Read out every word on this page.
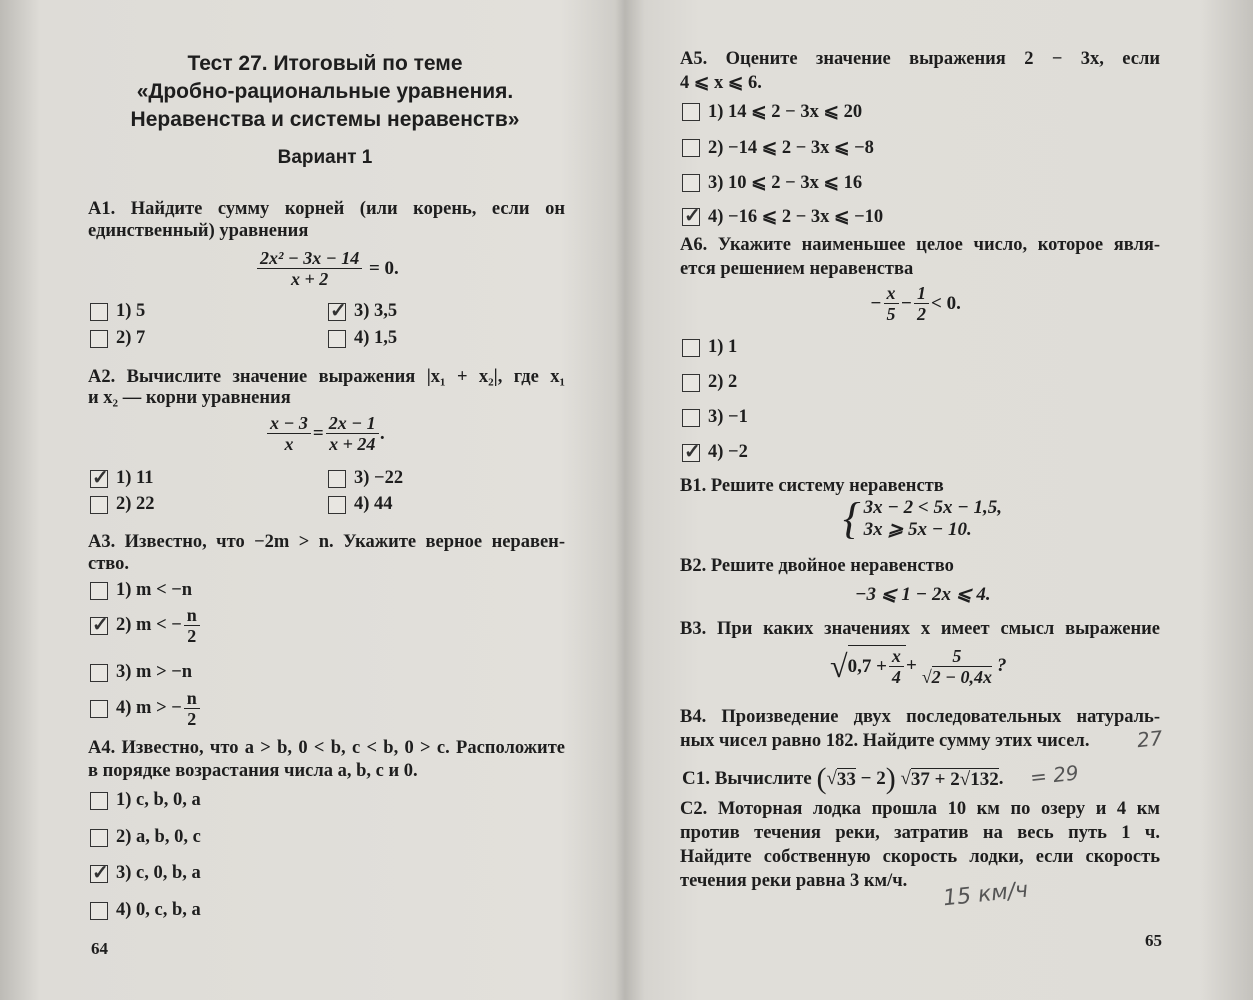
Тест 27. Итоговый по теме
«Дробно-рациональные уравнения.
Неравенства и системы неравенств»
Вариант 1
А1. Найдите сумму корней (или корень, если он
единственный) уравнения
$\frac{\text{2x² − 3x − 14}}{x + 2}$
= 0.
1) 5
2) 7
✓
3) 3,5
4) 1,5
А2. Вычислите значение выражения |x₁ + x₂|, где x₁
и x₂ — корни уравнения
$\frac{x - 3}{x} = \frac{2x - 1}{x + 24}$ .
✓
1) 11
2) 22
3) −22
4) 44
А3. Известно, что −2m > n. Укажите верное неравен-
ство.
1) m < −n
✓
2) m < − $\frac{n}{2}$
3) m > −n
4) m > − $\frac{n}{2}$
А4. Известно, что a > b, 0 < b, c < b, 0 > c. Расположите
в порядке возрастания числа a, b, c и 0.
1) c, b, 0, a
2) a, b, 0, c
✓
3) c, 0, b, a
4) 0, c, b, a
64
А5. Оцените значение выражения 2 − 3x, если
4 ⩽ x ⩽ 6.
1) 14 ⩽ 2 − 3x ⩽ 20
2) −14 ⩽ 2 − 3x ⩽ −8
3) 10 ⩽ 2 − 3x ⩽ 16
✓
4) −16 ⩽ 2 − 3x ⩽ −10
А6. Укажите наименьшее целое число, которое явля-
ется решением неравенства
− $\frac{x}{5} - \frac{1}{2} < 0$.
1) 1
2) 2
3) −1
✓
4) −2
В1. Решите систему неравенств
{ 3x − 2 < 5x − 1,5,
3x ⩾ 5x − 10.
В2. Решите двойное неравенство
−3 ⩽ 1 − 2x ⩽ 4.
В3. При каких значениях x имеет смысл выражение
√ $0,7 + \frac{x}{4} + \frac{5}{√2 - 0,4x}$ ?
В4. Произведение двух последовательных натураль-
ных чисел равно 182. Найдите сумму этих чисел.	27
С1.
Вычислите
( √ 33
− 2 ) √ 37 + 2√132 . = 29
С2. Моторная лодка прошла 10 км по озеру и 4 км
против течения реки, затратив на весь путь 1 ч.
Найдите собственную скорость лодки, если скорость
течения реки равна 3 км/ч.	15 км/ч
65
